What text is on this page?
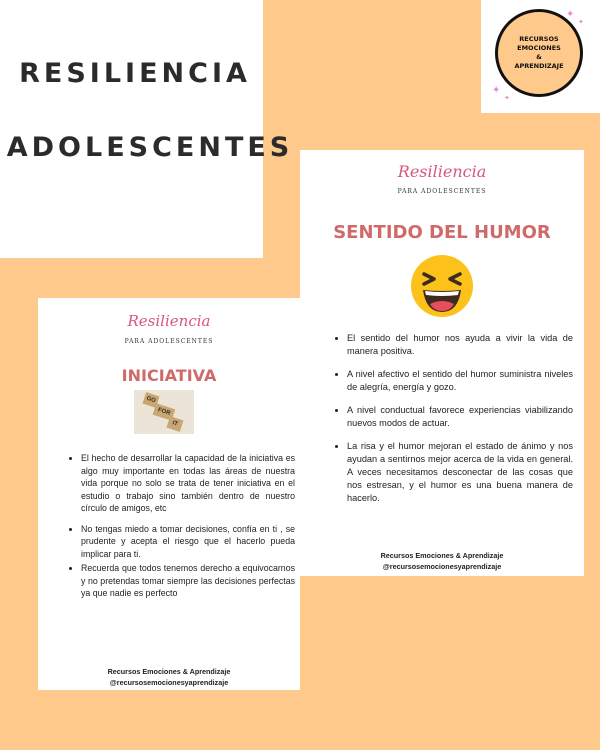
RESILIENCIA
ADOLESCENTES
RECURSOS
EMOCIONES
&
APRENDIZAJE
✦
✦
✦
✦
Resiliencia
PARA ADOLESCENTES
SENTIDO DEL HUMOR
• El sentido del humor nos ayuda a vivir la vida de manera positiva.
• A nivel afectivo el sentido del humor suministra niveles de alegría, energía y gozo.
• A nivel conductual favorece experiencias viabilizando nuevos modos de actuar.
• La risa y el humor mejoran el estado de ánimo y nos ayudan a sentirnos mejor acerca de la vida en general. A veces necesitamos desconectar de las cosas que nos estresan, y el humor es una buena manera de hacerlo.
Recursos Emociones & Aprendizaje
@recursosemocionesyaprendizaje
Resiliencia
PARA ADOLESCENTES
INICIATIVA
GO
FOR
IT
• El hecho de desarrollar la capacidad de la iniciativa es algo muy importante en todas las áreas de nuestra vida porque no solo se trata de tener iniciativa en el estudio o trabajo sino también dentro de nuestro círculo de amigos, etc
• No tengas miedo a tomar decisiones, confía en ti , se prudente y acepta el riesgo que el hacerlo pueda implicar para ti.
• Recuerda que todos tenemos derecho a equivocarnos y no pretendas tomar siempre las decisiones perfectas ya que nadie es perfecto
Recursos Emociones & Aprendizaje
@recursosemocionesyaprendizaje
